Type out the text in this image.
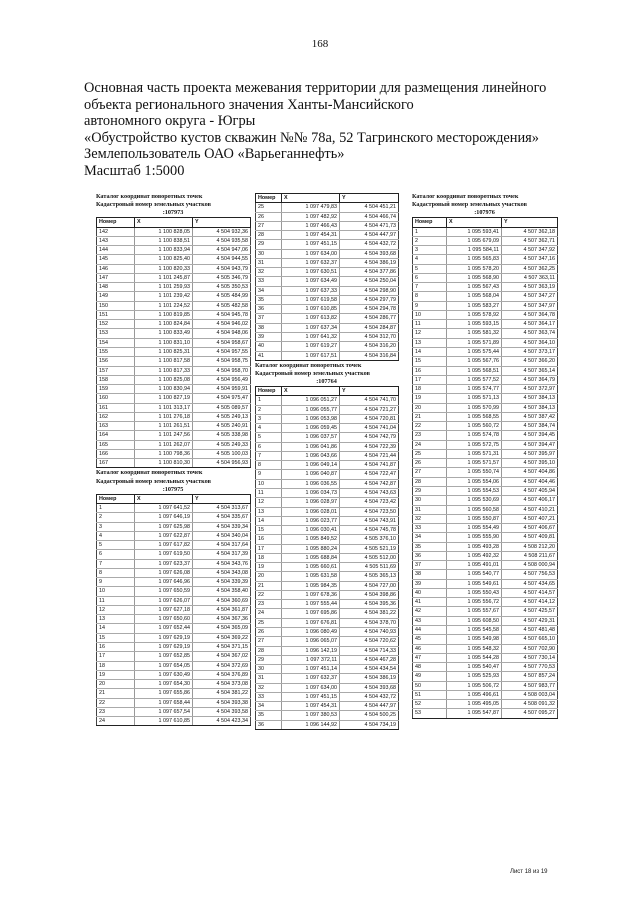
168
Основная часть проекта межевания территории для размещения линейного
объекта регионального значения Ханты-Мансийского
автономного округа - Югры
«Обустройство кустов скважин №№ 78а, 52 Тагринского месторождения»
Землепользователь ОАО «Варьеганнефть»
Масштаб 1:5000
Каталог координат поворотных точек
Кадастровый номер земельных участков
:107973
Номер	X	Y
142	1 100 828,05	4 504 932,36
143	1 100 838,51	4 504 935,58
144	1 100 833,94	4 504 947,06
145	1 100 825,40	4 504 944,55
146	1 100 820,33	4 504 943,79
147	1 101 245,87	4 505 346,79
148	1 101 259,93	4 505 350,53
149	1 101 239,42	4 505 484,99
150	1 101 224,52	4 505 482,58
151	1 100 819,85	4 504 945,78
152	1 100 824,84	4 504 946,02
153	1 100 833,49	4 504 948,06
154	1 100 831,10	4 504 958,67
155	1 100 825,31	4 504 957,55
156	1 100 817,58	4 504 958,75
157	1 100 817,33	4 504 958,70
158	1 100 825,08	4 504 956,49
159	1 100 830,94	4 504 959,91
160	1 100 827,19	4 504 975,47
161	1 101 313,17	4 505 089,57
162	1 101 276,18	4 505 249,13
163	1 101 261,51	4 505 240,91
164	1 101 247,56	4 505 338,98
165	1 101 262,07	4 505 249,33
166	1 100 798,36	4 505 100,03
167	1 100 810,30	4 504 956,93
Каталог координат поворотных точек
Кадастровый номер земельных участков
:107975
Номер	X	Y
1	1 097 641,52	4 504 313,67
2	1 097 646,19	4 504 335,67
3	1 097 625,98	4 504 339,34
4	1 097 622,87	4 504 340,04
5	1 097 617,82	4 504 317,64
6	1 097 619,50	4 504 317,39
7	1 097 623,37	4 504 343,76
8	1 097 626,08	4 504 343,08
9	1 097 646,96	4 504 339,39
10	1 097 650,59	4 504 358,40
11	1 097 626,07	4 504 360,69
12	1 097 627,18	4 504 361,87
13	1 097 650,60	4 504 367,36
14	1 097 652,44	4 504 365,09
15	1 097 629,19	4 504 369,22
16	1 097 629,19	4 504 371,15
17	1 097 652,85	4 504 367,02
18	1 097 654,05	4 504 372,69
19	1 097 630,49	4 504 376,89
20	1 097 654,30	4 504 373,08
21	1 097 655,86	4 504 381,22
22	1 097 658,44	4 504 393,38
23	1 097 657,54	4 504 393,58
24	1 097 610,85	4 504 423,34
Номер	X	Y
25	1 097 479,83	4 504 451,21
26	1 097 482,92	4 504 466,74
27	1 097 466,43	4 504 471,73
28	1 097 454,31	4 504 447,97
29	1 097 451,15	4 504 432,72
30	1 097 634,00	4 504 393,68
31	1 097 632,37	4 504 386,19
32	1 097 630,51	4 504 377,86
33	1 097 634,49	4 504 250,04
34	1 097 637,33	4 504 298,90
35	1 097 619,58	4 504 297,79
36	1 097 610,85	4 504 294,78
37	1 097 613,82	4 504 286,77
38	1 097 637,34	4 504 284,87
39	1 097 641,32	4 504 312,70
40	1 097 619,27	4 504 316,20
41	1 097 617,51	4 504 316,84
Каталог координат поворотных точек
Кадастровый номер земельных участков
:107764
Номер	X	Y
1	1 096 051,27	4 504 741,70
2	1 096 055,77	4 504 721,27
3	1 096 053,98	4 504 720,81
4	1 096 059,45	4 504 741,04
5	1 096 037,57	4 504 742,79
6	1 096 041,86	4 504 722,39
7	1 096 043,66	4 504 721,44
8	1 096 049,14	4 504 741,87
9	1 096 040,87	4 504 722,47
10	1 096 036,55	4 504 742,87
11	1 096 034,73	4 504 743,63
12	1 096 028,97	4 504 723,42
13	1 096 028,01	4 504 723,50
14	1 096 023,77	4 504 743,91
15	1 096 030,41	4 504 745,78
16	1 095 849,52	4 505 376,10
17	1 095 880,24	4 505 521,19
18	1 095 688,84	4 505 512,00
19	1 095 660,61	4 505 511,69
20	1 095 631,58	4 505 365,13
21	1 095 984,35	4 504 727,00
22	1 097 678,36	4 504 398,86
23	1 097 555,44	4 504 395,36
24	1 097 695,86	4 504 381,22
25	1 097 676,81	4 504 378,70
26	1 096 080,49	4 504 740,93
27	1 096 065,07	4 504 720,62
28	1 096 142,19	4 504 714,33
29	1 097 372,11	4 504 467,28
30	1 097 451,14	4 504 434,54
31	1 097 632,37	4 504 386,19
32	1 097 634,00	4 504 393,68
33	1 097 451,15	4 504 432,72
34	1 097 454,31	4 504 447,97
35	1 097 380,53	4 504 500,25
36	1 096 144,92	4 504 734,19
Каталог координат поворотных точек
Кадастровый номер земельных участков
:107976
Номер	X	Y
1	1 095 593,41	4 507 362,18
2	1 095 679,09	4 507 362,71
3	1 095 584,11	4 507 347,92
4	1 095 565,83	4 507 347,16
5	1 095 578,20	4 507 362,25
6	1 095 568,90	4 507 363,11
7	1 095 567,43	4 507 363,19
8	1 095 568,04	4 507 347,27
9	1 095 583,27	4 507 347,97
10	1 095 578,92	4 507 364,78
11	1 095 593,15	4 507 364,17
12	1 095 581,32	4 507 363,74
13	1 095 571,89	4 507 364,10
14	1 095 575,44	4 507 373,17
15	1 095 567,76	4 507 366,20
16	1 095 568,51	4 507 365,14
17	1 095 577,52	4 507 364,79
18	1 095 574,77	4 507 372,97
19	1 095 571,13	4 507 384,13
20	1 095 570,99	4 507 384,13
21	1 095 568,55	4 507 387,42
22	1 095 560,72	4 507 384,74
23	1 095 574,78	4 507 394,45
24	1 095 572,75	4 507 394,47
25	1 095 571,31	4 507 395,97
26	1 095 571,57	4 507 395,10
27	1 095 550,74	4 507 404,86
28	1 095 554,06	4 507 404,46
29	1 095 554,53	4 507 405,94
30	1 095 530,69	4 507 406,17
31	1 095 560,58	4 507 410,21
32	1 095 550,87	4 507 407,21
33	1 095 554,49	4 507 406,67
34	1 095 555,90	4 507 409,81
35	1 095 493,28	4 508 212,20
36	1 095 492,32	4 508 211,67
37	1 095 491,01	4 508 000,94
38	1 095 540,77	4 507 756,53
39	1 095 549,61	4 507 434,65
40	1 095 550,43	4 507 414,57
41	1 095 556,72	4 507 414,12
42	1 095 557,67	4 507 425,57
43	1 095 608,50	4 507 429,31
44	1 095 545,58	4 507 481,48
45	1 095 549,98	4 507 665,10
46	1 095 548,32	4 507 702,90
47	1 095 544,28	4 507 730,14
48	1 095 540,47	4 507 770,53
49	1 095 525,93	4 507 857,24
50	1 095 506,72	4 507 983,77
51	1 095 496,61	4 508 003,04
52	1 095 495,05	4 508 091,32
53	1 095 547,87	4 507 095,27
Лист 18 из 19
